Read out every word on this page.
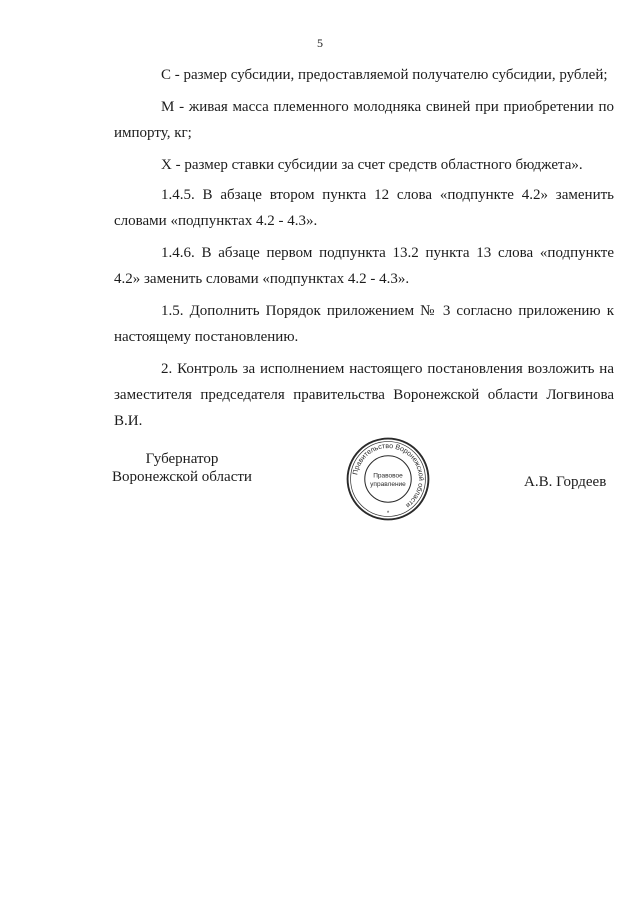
5

С - размер субсидии, предоставляемой получателю субсидии, рублей;

М - живая масса племенного молодняка свиней при приобретении по импорту, кг;

Х - размер ставки субсидии за счет средств областного бюджета».

1.4.5. В абзаце втором пункта 12 слова «подпункте 4.2» заменить словами «подпунктах 4.2 - 4.3».

1.4.6. В абзаце первом подпункта 13.2 пункта 13 слова «подпункте 4.2» заменить словами «подпунктах 4.2 - 4.3».

1.5. Дополнить Порядок приложением № 3 согласно приложению к настоящему постановлению.

2. Контроль за исполнением настоящего постановления возложить на заместителя председателя правительства Воронежской области Логвинова В.И.

Губернатор
Воронежской области	Правительство Воронежской области
Правовое
управление
*
А.В. Гордеев
